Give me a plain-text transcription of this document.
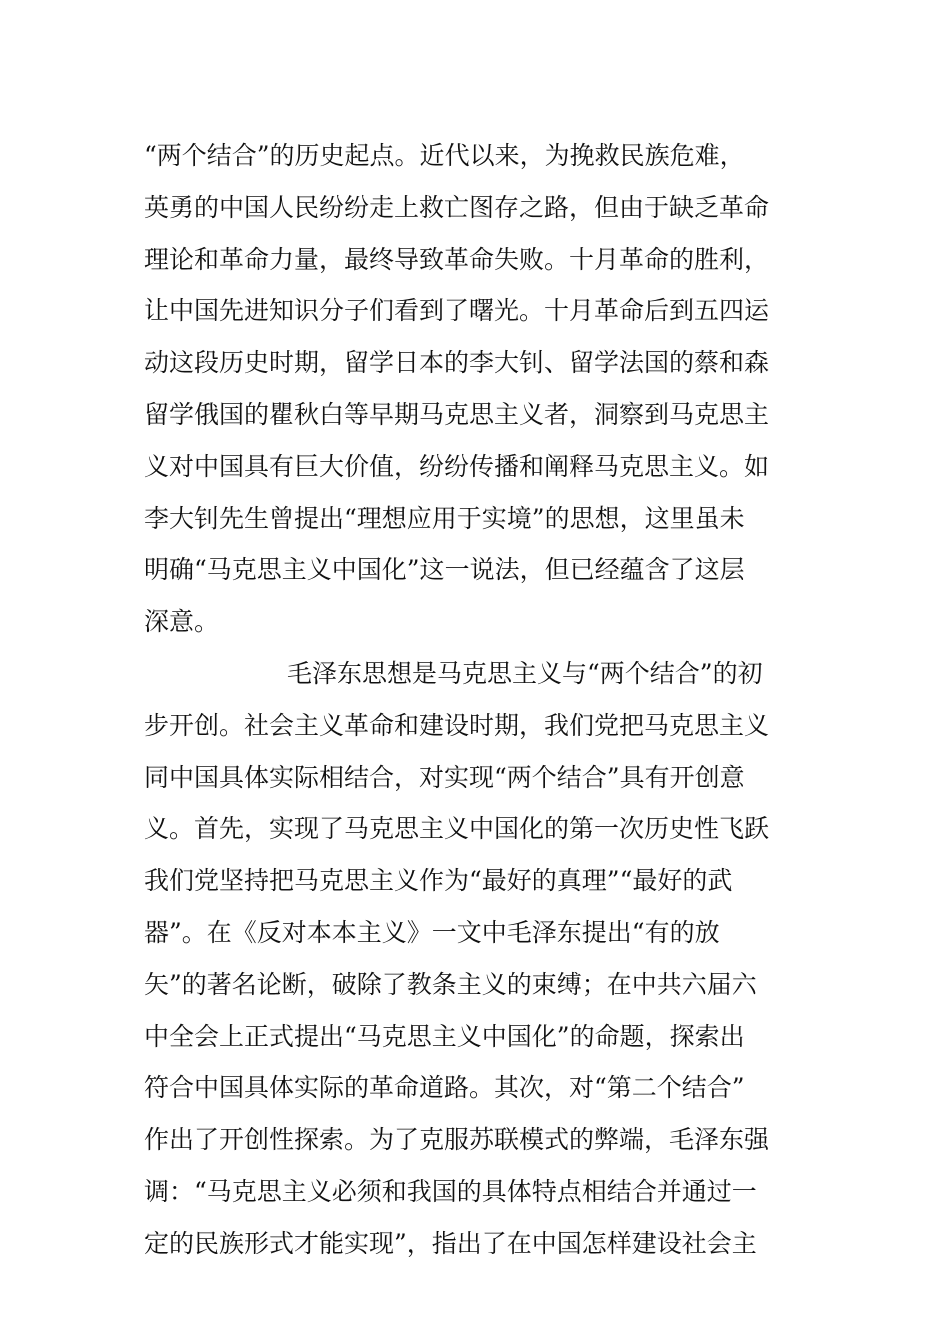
“两个结合”的历史起点。近代以来，为挽救民族危难，
英勇的中国人民纷纷走上救亡图存之路，但由于缺乏革命
理论和革命力量，最终导致革命失败。十月革命的胜利，
让中国先进知识分子们看到了曙光。十月革命后到五四运
动这段历史时期，留学日本的李大钊、留学法国的蔡和森
留学俄国的瞿秋白等早期马克思主义者，洞察到马克思主
义对中国具有巨大价值，纷纷传播和阐释马克思主义。如
李大钊先生曾提出“理想应用于实境”的思想，这里虽未
明确“马克思主义中国化”这一说法，但已经蕴含了这层
深意。
毛泽东思想是马克思主义与“两个结合”的初
步开创。社会主义革命和建设时期，我们党把马克思主义
同中国具体实际相结合，对实现“两个结合”具有开创意
义。首先，实现了马克思主义中国化的第一次历史性飞跃
我们党坚持把马克思主义作为“最好的真理”“最好的武
器”。在《反对本本主义》一文中毛泽东提出“有的放
矢”的著名论断，破除了教条主义的束缚；在中共六届六
中全会上正式提出“马克思主义中国化”的命题，探索出
符合中国具体实际的革命道路。其次，对“第二个结合”
作出了开创性探索。为了克服苏联模式的弊端，毛泽东强
调：“马克思主义必须和我国的具体特点相结合并通过一
定的民族形式才能实现”，指出了在中国怎样建设社会主
